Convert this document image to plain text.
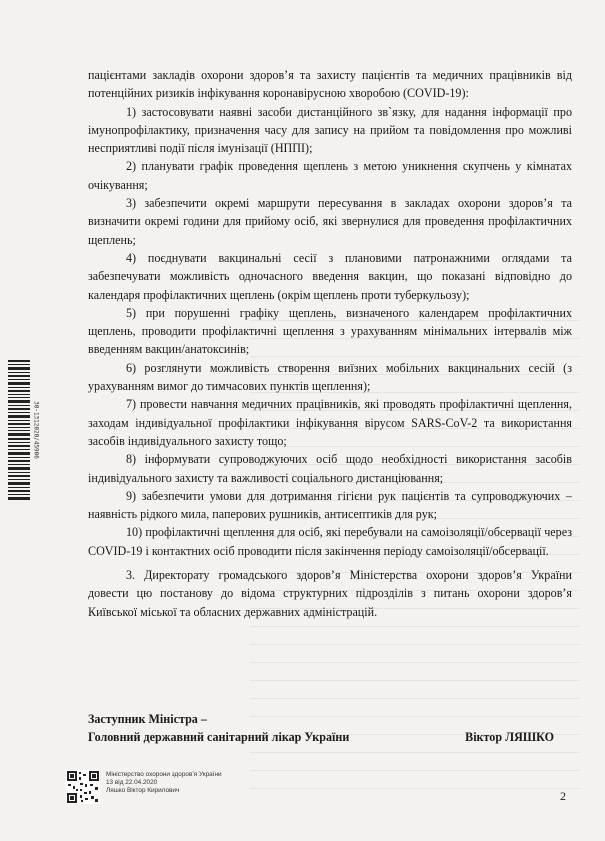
30-1312020/45906

пацієнтами закладів охорони здоров’я та захисту пацієнтів та медичних працівників від потенційних ризиків інфікування коронавірусною хворобою (COVID-19):

1) застосовувати наявні засоби дистанційного зв`язку, для надання інформації про імунопрофілактику, призначення часу для запису на прийом та повідомлення про можливі несприятливі події після імунізації (НППІ);

2) планувати графік проведення щеплень з метою уникнення скупчень у кімнатах очікування;

3) забезпечити окремі маршрути пересування в закладах охорони здоров’я та визначити окремі години для прийому осіб, які звернулися для проведення профілактичних щеплень;

4) поєднувати вакцинальні сесії з плановими патронажними оглядами та забезпечувати можливість одночасного введення вакцин, що показані відповідно до календаря профілактичних щеплень (окрім щеплень проти туберкульозу);

5) при порушенні графіку щеплень, визначеного календарем профілактичних щеплень, проводити профілактичні щеплення з урахуванням мінімальних інтервалів між введенням вакцин/анатоксинів;

6) розглянути можливість створення виїзних мобільних вакцинальних сесій (з урахуванням вимог до тимчасових пунктів щеплення);

7) провести навчання медичних працівників, які проводять профілактичні щеплення, заходам індивідуальної профілактики інфікування вірусом SARS-CoV-2 та використання засобів індивідуального захисту тощо;

8) інформувати супроводжуючих осіб щодо необхідності використання засобів індивідуального захисту та важливості соціального дистанціювання;

9) забезпечити умови для дотримання гігієни рук пацієнтів та супроводжуючих – наявність рідкого мила, паперових рушників, антисептиків для рук;

10) профілактичні щеплення для осіб, які перебували на самоізоляції/обсервації через COVID-19 і контактних осіб проводити після закінчення періоду самоізоляції/обсервації.

3. Директорату громадського здоров’я Міністерства охорони здоров’я України довести цю постанову до відома структурних підрозділів з питань охорони здоров’я Київської міської та обласних державних адміністрацій.

Заступник Міністра –
Головний державний санітарний лікар України	Віктор ЛЯШКО
Міністерство охорони здоров’я України
13 від 22.04.2020
Ляшко Віктор Кирилович	2
